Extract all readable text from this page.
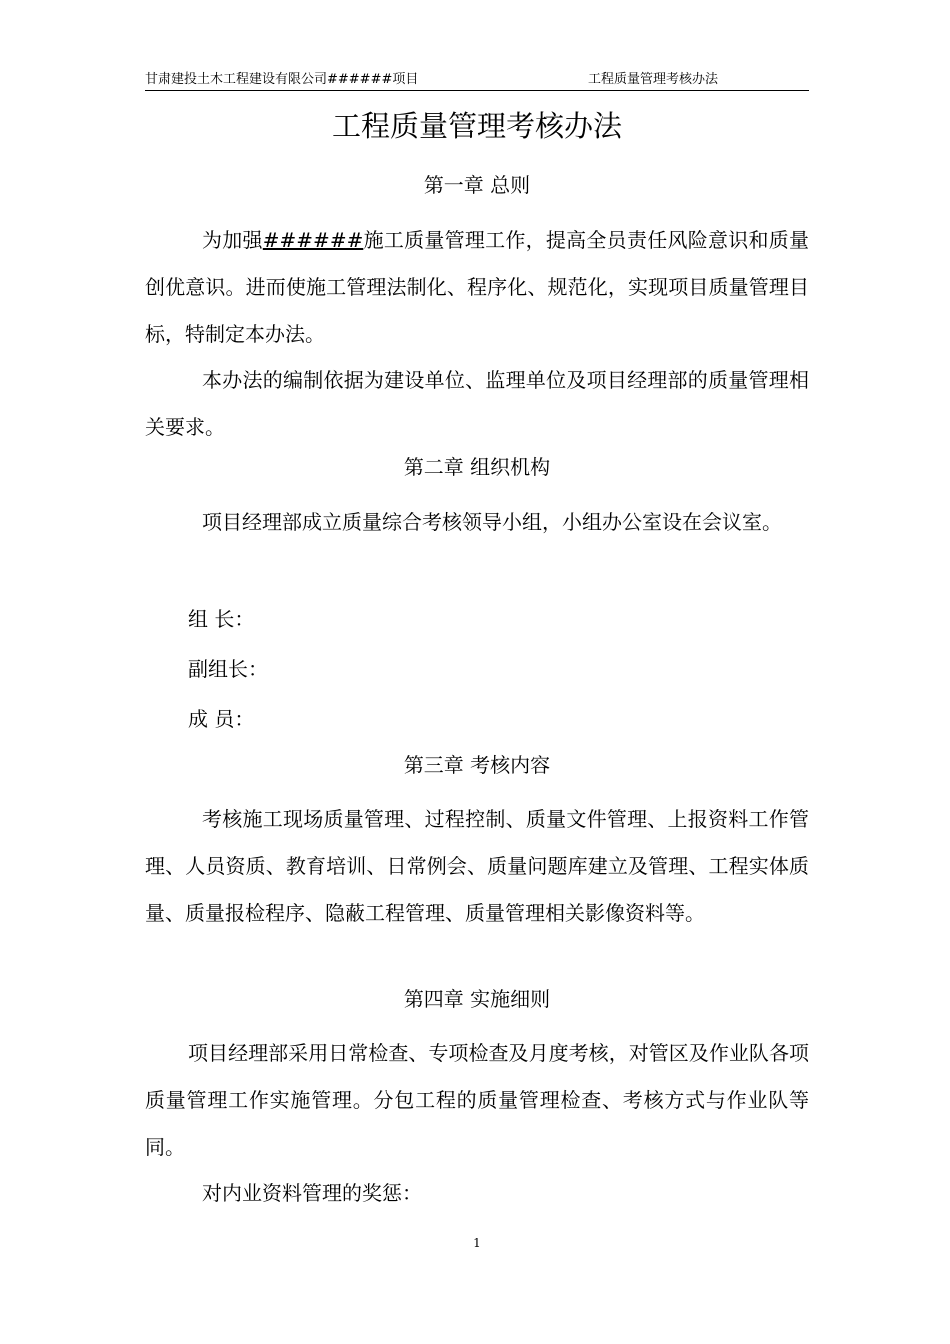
甘肃建投土木工程建设有限公司######项目	工程质量管理考核办法
工程质量管理考核办法
第一章 总则

为加强######施工质量管理工作，提高全员责任风险意识和质量创优意识。进而使施工管理法制化、程序化、规范化，实现项目质量管理目标，特制定本办法。

本办法的编制依据为建设单位、监理单位及项目经理部的质量管理相关要求。

第二章 组织机构

项目经理部成立质量综合考核领导小组，小组办公室设在会议室。

组 长：
副组长：
成 员：
第三章 考核内容

考核施工现场质量管理、过程控制、质量文件管理、上报资料工作管理、人员资质、教育培训、日常例会、质量问题库建立及管理、工程实体质量、质量报检程序、隐蔽工程管理、质量管理相关影像资料等。

第四章 实施细则

项目经理部采用日常检查、专项检查及月度考核，对管区及作业队各项质量管理工作实施管理。分包工程的质量管理检查、考核方式与作业队等同。

对内业资料管理的奖惩：

1
